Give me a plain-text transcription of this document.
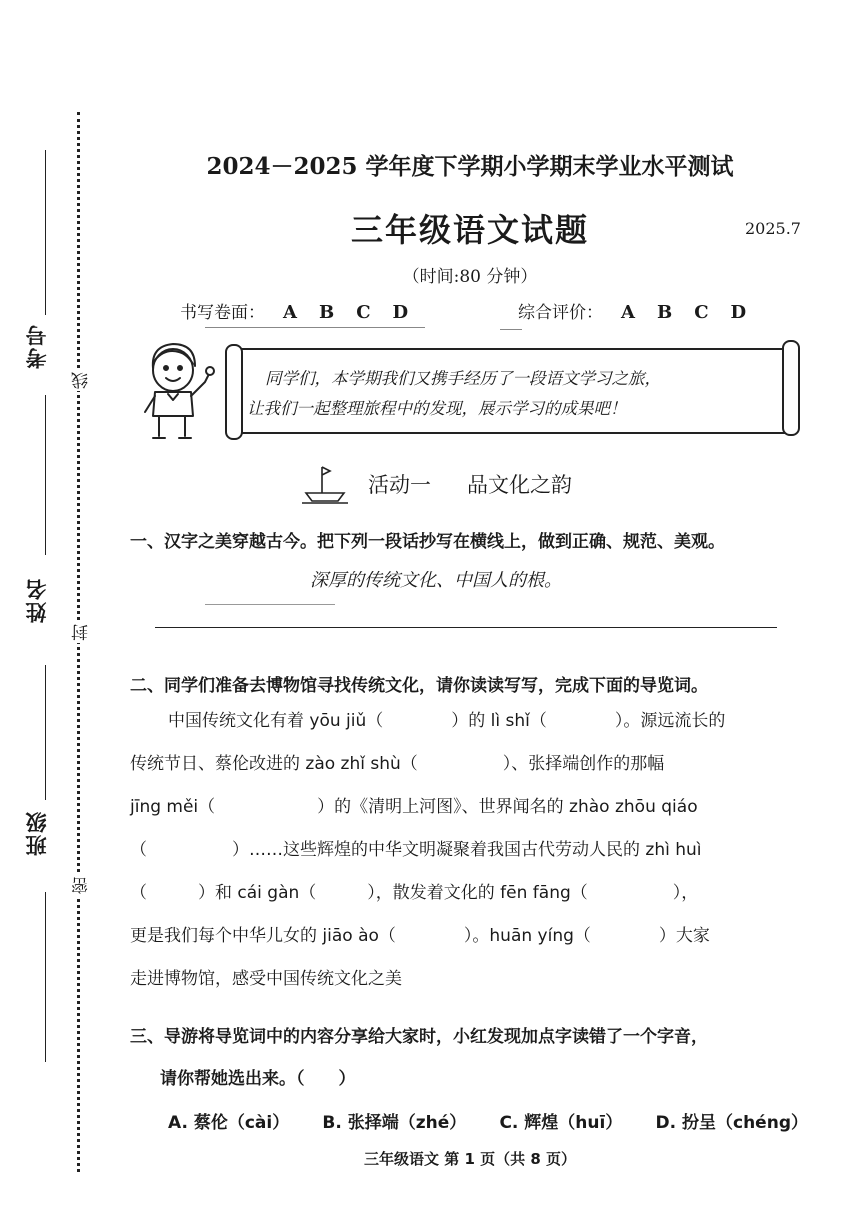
考号
姓名
班级
线
封
密
2024－2025 学年度下学期小学期末学业水平测试
三年级语文试题	2025.7
（时间:80 分钟）
书写卷面： A B C D	综合评价： A B C D
同学们，本学期我们又携手经历了一段语文学习之旅，
让我们一起整理旅程中的发现，展示学习的成果吧！
活动一 品文化之韵
一、汉字之美穿越古今。把下列一段话抄写在横线上，做到正确、规范、美观。
深厚的传统文化、中国人的根。
二、同学们准备去博物馆寻找传统文化，请你读读写写，完成下面的导览词。
中国传统文化有着 yōu jiǔ（　　　　）的 lì shǐ（　　　　）。源远流长的
传统节日、蔡伦改进的 zào zhǐ shù（　　　　　）、张择端创作的那幅
jīng měi（　　　　　　）的《清明上河图》、世界闻名的 zhào zhōu qiáo
（　　　　　）……这些辉煌的中华文明凝聚着我国古代劳动人民的 zhì huì
（　　　）和 cái gàn（　　　），散发着文化的 fēn fāng（　　　　　），
更是我们每个中华儿女的 jiāo ào（　　　　）。huān yíng（　　　　）大家
走进博物馆，感受中国传统文化之美
三、导游将导览词中的内容分享给大家时，小红发现加点字读错了一个字音，
请你帮她选出来。（　　）
A. 蔡伦（cài） B. 张择端（zhé） C. 辉煌（huī） D. 扮呈（chéng）
三年级语文 第 1 页（共 8 页）
